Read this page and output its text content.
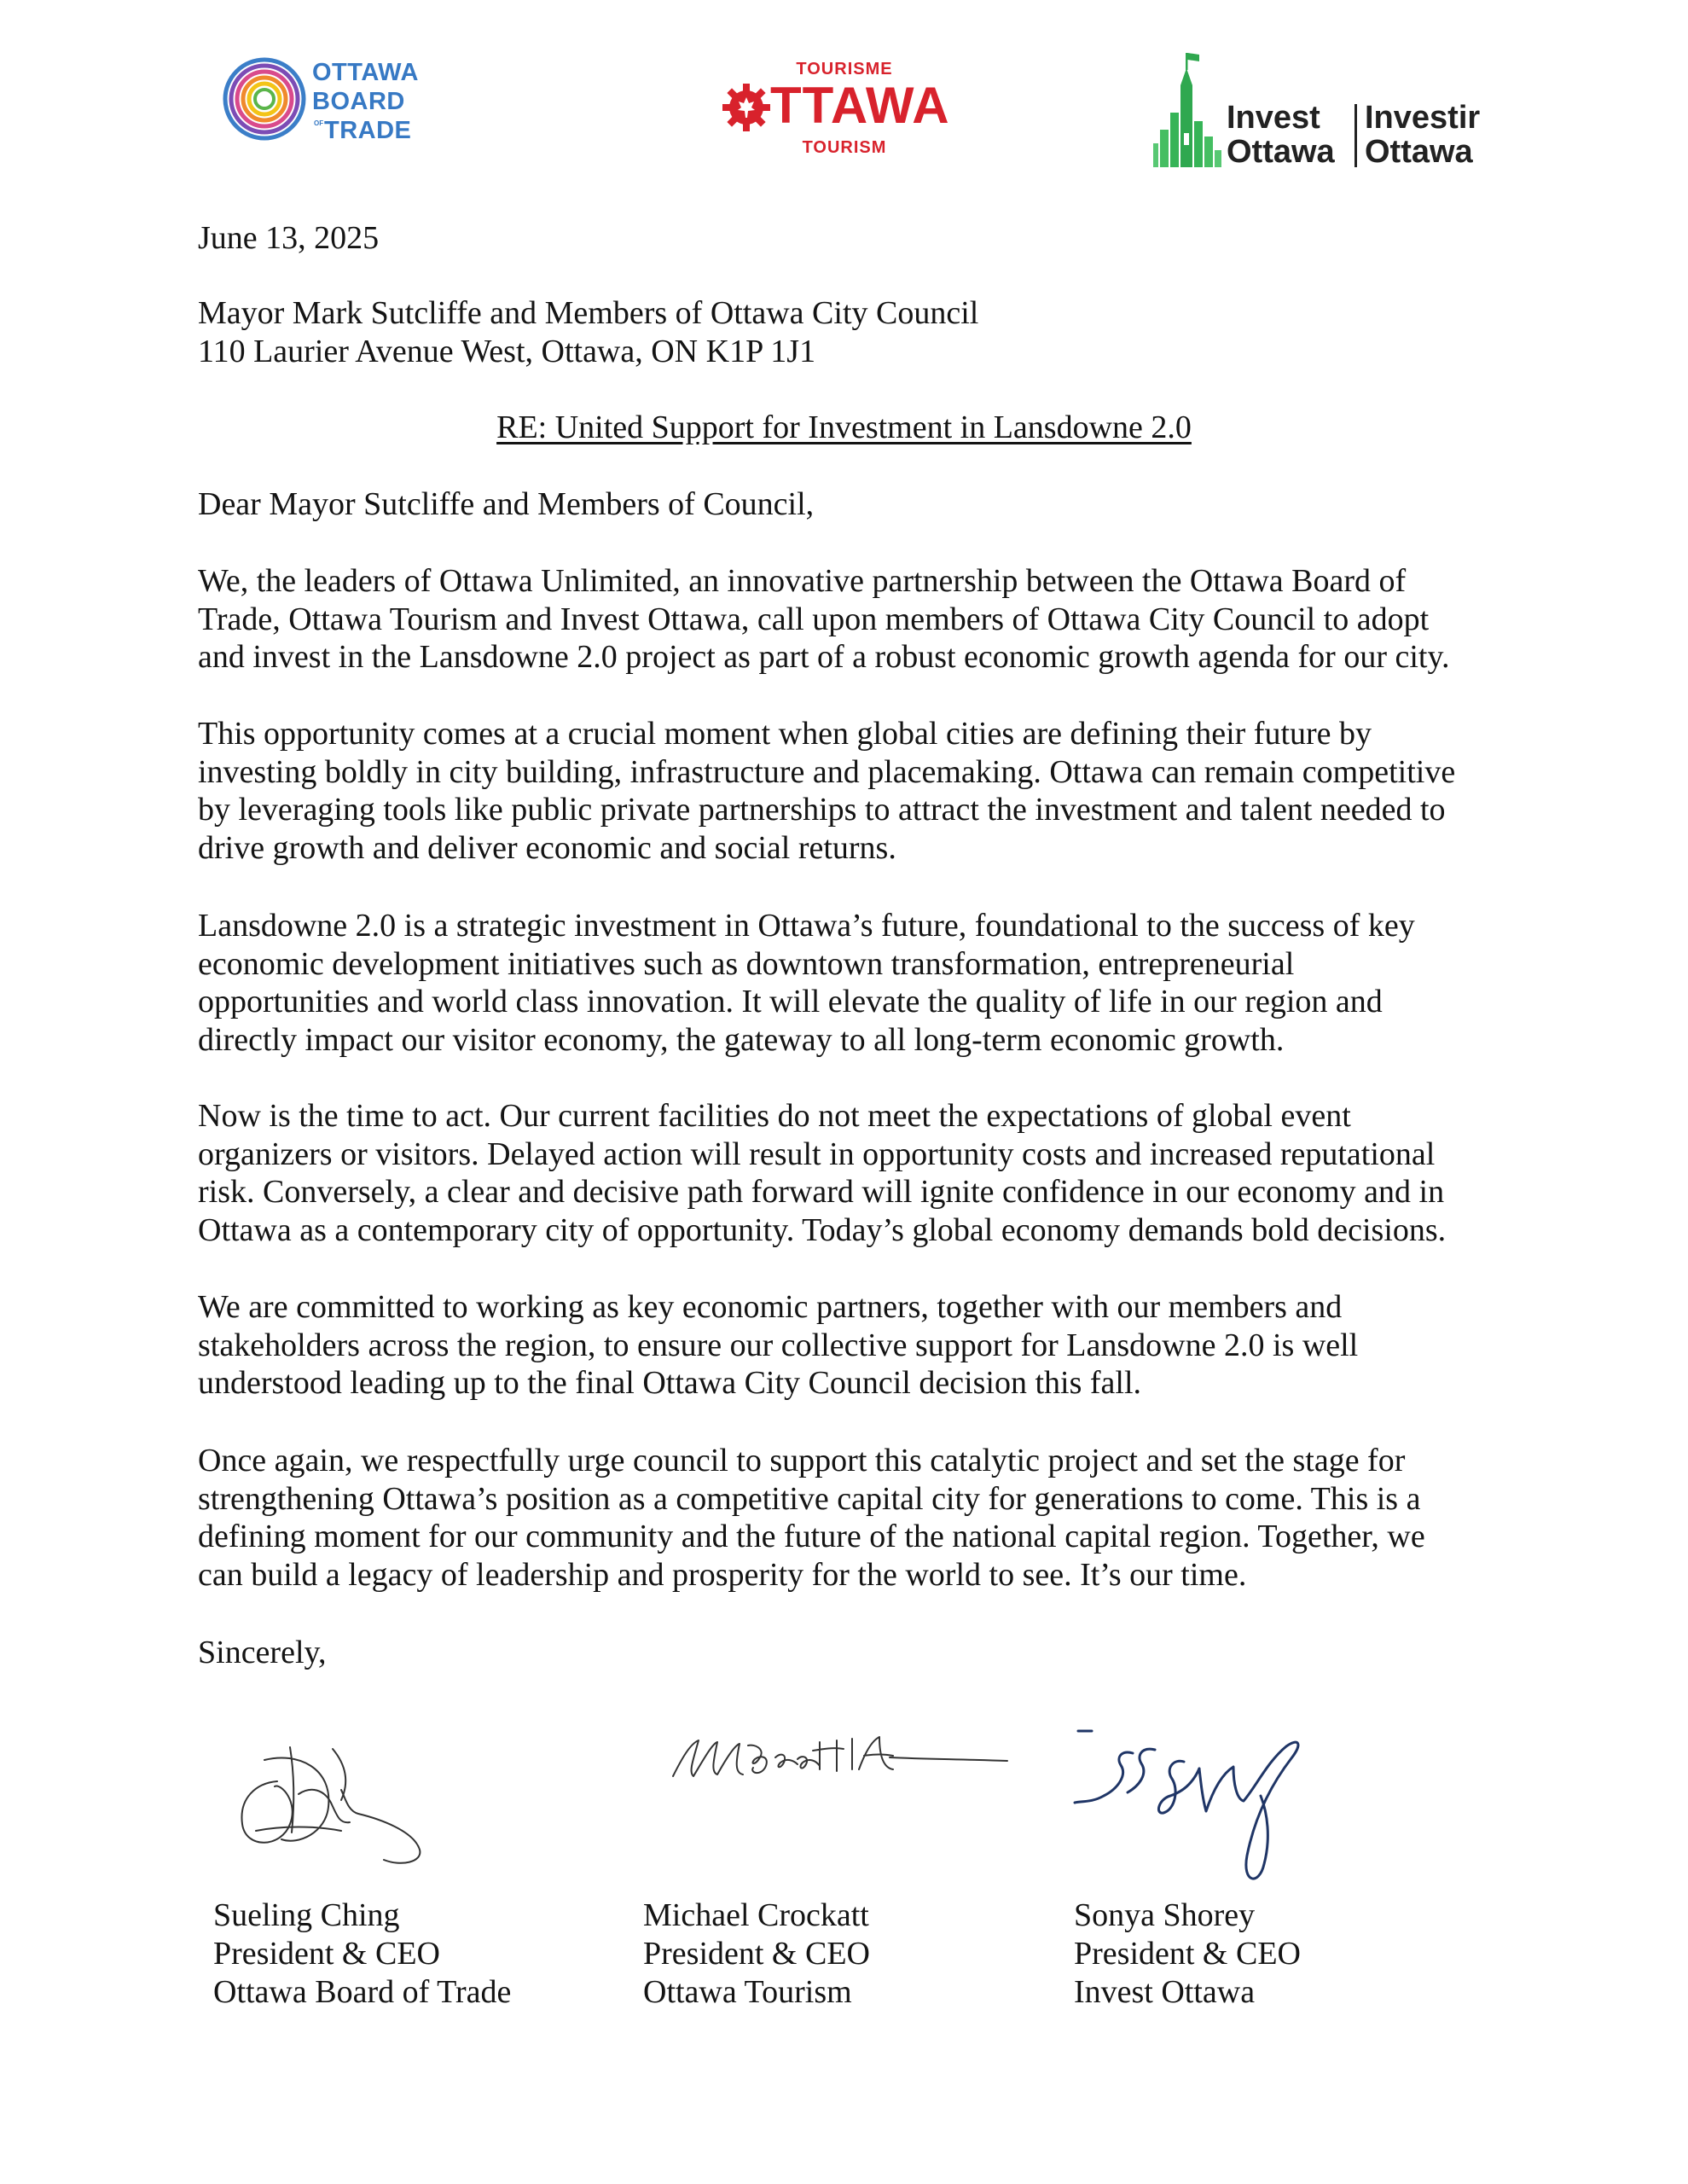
OTTAWA
BOARD
OF TRADE
TOURISME
TTAWA
TOURISM
Invest
Ottawa
Investir
Ottawa
June 13, 2025
Mayor Mark Sutcliffe and Members of Ottawa City Council
110 Laurier Avenue West, Ottawa, ON K1P 1J1
RE: United Support for Investment in Lansdowne 2.0
Dear Mayor Sutcliffe and Members of Council,
We, the leaders of Ottawa Unlimited, an innovative partnership between the Ottawa Board of
Trade, Ottawa Tourism and Invest Ottawa, call upon members of Ottawa City Council to adopt
and invest in the Lansdowne 2.0 project as part of a robust economic growth agenda for our city.
This opportunity comes at a crucial moment when global cities are defining their future by
investing boldly in city building, infrastructure and placemaking. Ottawa can remain competitive
by leveraging tools like public private partnerships to attract the investment and talent needed to
drive growth and deliver economic and social returns.
Lansdowne 2.0 is a strategic investment in Ottawa’s future, foundational to the success of key
economic development initiatives such as downtown transformation, entrepreneurial
opportunities and world class innovation. It will elevate the quality of life in our region and
directly impact our visitor economy, the gateway to all long-term economic growth.
Now is the time to act. Our current facilities do not meet the expectations of global event
organizers or visitors. Delayed action will result in opportunity costs and increased reputational
risk. Conversely, a clear and decisive path forward will ignite confidence in our economy and in
Ottawa as a contemporary city of opportunity. Today’s global economy demands bold decisions.
We are committed to working as key economic partners, together with our members and
stakeholders across the region, to ensure our collective support for Lansdowne 2.0 is well
understood leading up to the final Ottawa City Council decision this fall.
Once again, we respectfully urge council to support this catalytic project and set the stage for
strengthening Ottawa’s position as a competitive capital city for generations to come. This is a
defining moment for our community and the future of the national capital region. Together, we
can build a legacy of leadership and prosperity for the world to see. It’s our time.
Sincerely,
Sueling Ching
President & CEO
Ottawa Board of Trade
Michael Crockatt
President & CEO
Ottawa Tourism
Sonya Shorey
President & CEO
Invest Ottawa
